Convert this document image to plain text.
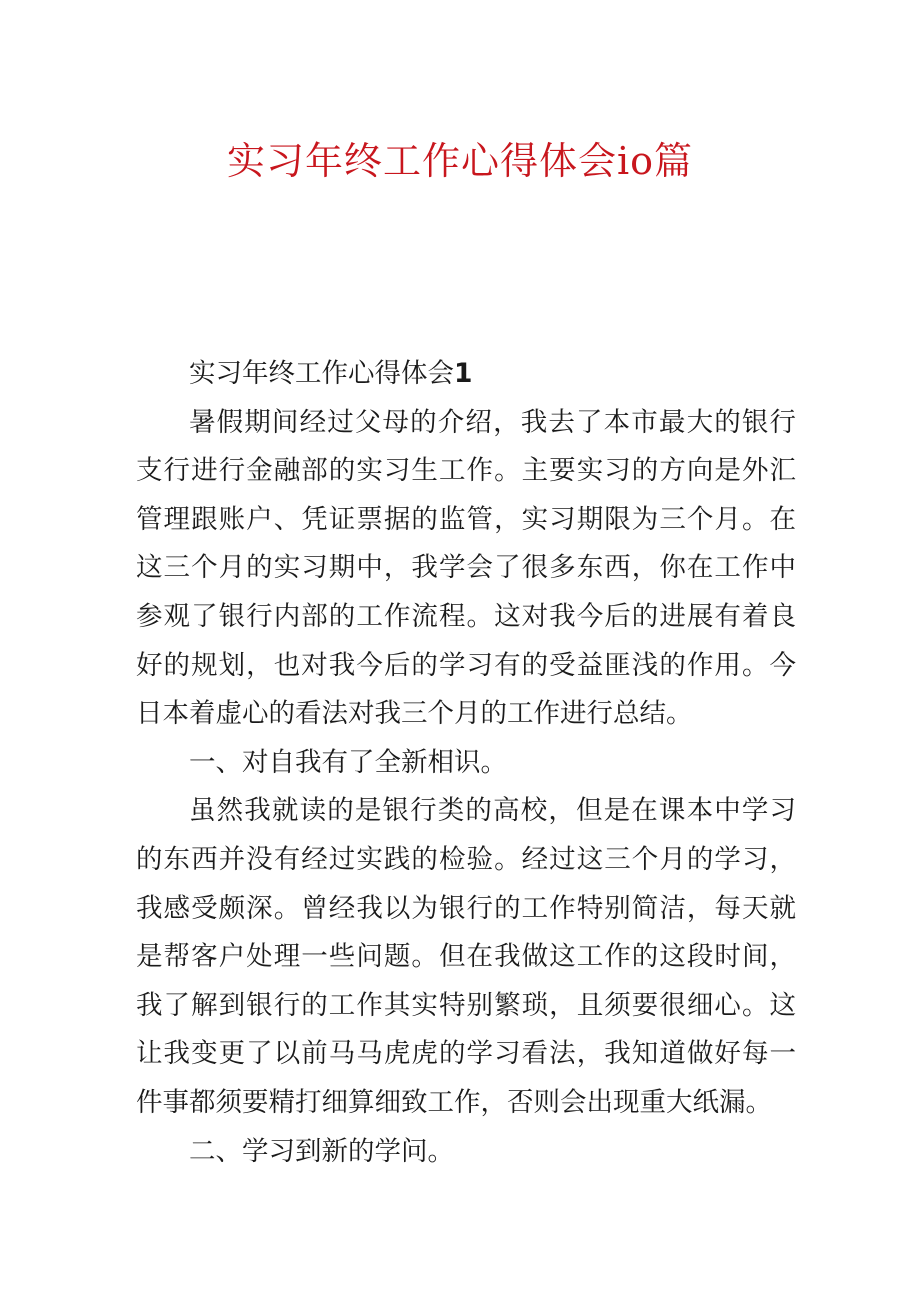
实习年终工作心得体会io篇

实习年终工作心得体会1

暑假期间经过父母的介绍，我去了本市最大的银行支行进行金融部的实习生工作。主要实习的方向是外汇管理跟账户、凭证票据的监管，实习期限为三个月。在这三个月的实习期中，我学会了很多东西，你在工作中参观了银行内部的工作流程。这对我今后的进展有着良好的规划，也对我今后的学习有的受益匪浅的作用。今日本着虚心的看法对我三个月的工作进行总结。

一、对自我有了全新相识。

虽然我就读的是银行类的高校，但是在课本中学习的东西并没有经过实践的检验。经过这三个月的学习，我感受颇深。曾经我以为银行的工作特别简洁，每天就是帮客户处理一些问题。但在我做这工作的这段时间，我了解到银行的工作其实特别繁琐，且须要很细心。这让我变更了以前马马虎虎的学习看法，我知道做好每一件事都须要精打细算细致工作，否则会出现重大纸漏。

二、学习到新的学问。
